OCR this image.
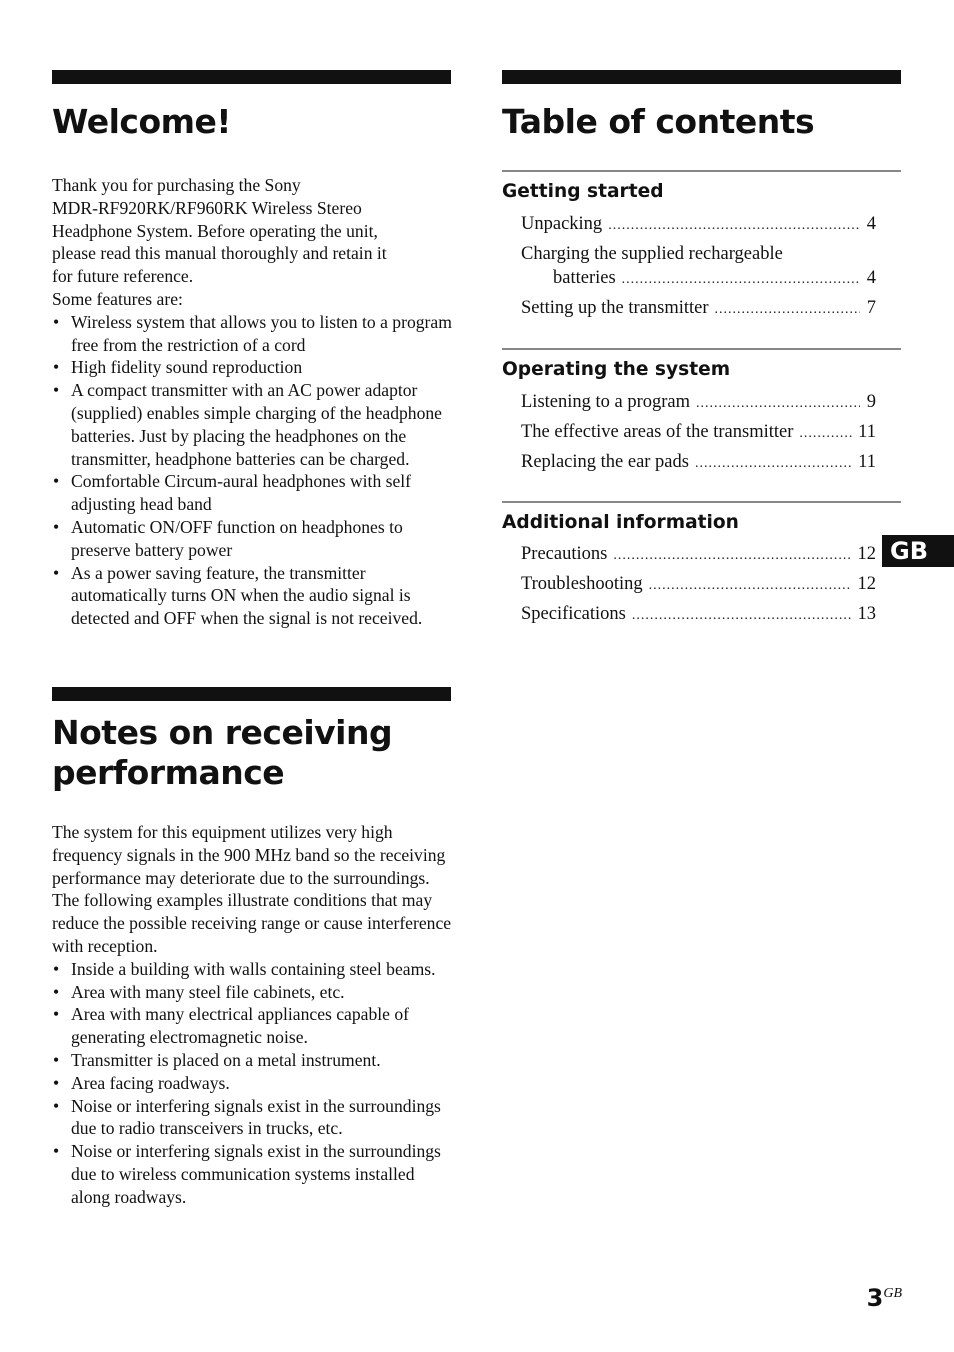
Welcome!

Thank you for purchasing the Sony

MDR-RF920RK/RF960RK Wireless Stereo

Headphone System. Before operating the unit,

please read this manual thoroughly and retain it

for future reference.

Some features are:

• Wireless system that allows you to listen to a program free from the restriction of a cord
• High fidelity sound reproduction
• A compact transmitter with an AC power adaptor (supplied) enables simple charging of the headphone batteries. Just by placing the headphones on the transmitter, headphone batteries can be charged.
• Comfortable Circum-aural headphones with self adjusting head band
• Automatic ON/OFF function on headphones to preserve battery power
• As a power saving feature, the transmitter automatically turns ON when the audio signal is detected and OFF when the signal is not received.
Notes on receiving
performance

The system for this equipment utilizes very high frequency signals in the 900 MHz band so the receiving performance may deteriorate due to the surroundings. The following examples illustrate conditions that may reduce the possible receiving range or cause interference with reception.

• Inside a building with walls containing steel beams.
• Area with many steel file cabinets, etc.
• Area with many electrical appliances capable of generating electromagnetic noise.
• Transmitter is placed on a metal instrument.
• Area facing roadways.
• Noise or interfering signals exist in the surroundings due to radio transceivers in trucks, etc.
• Noise or interfering signals exist in the surroundings due to wireless communication systems installed along roadways.
Table of contents
Getting started
Unpacking .....	4
Charging the supplied rechargeable
batteries .....	4
Setting up the transmitter .....	7
Operating the system
Listening to a program .....	9
The effective areas of the transmitter .....	11
Replacing the ear pads .....	11
Additional information
Precautions .....	12
Troubleshooting .....	12
Specifications .....	13
GB
$3^{GB}$
